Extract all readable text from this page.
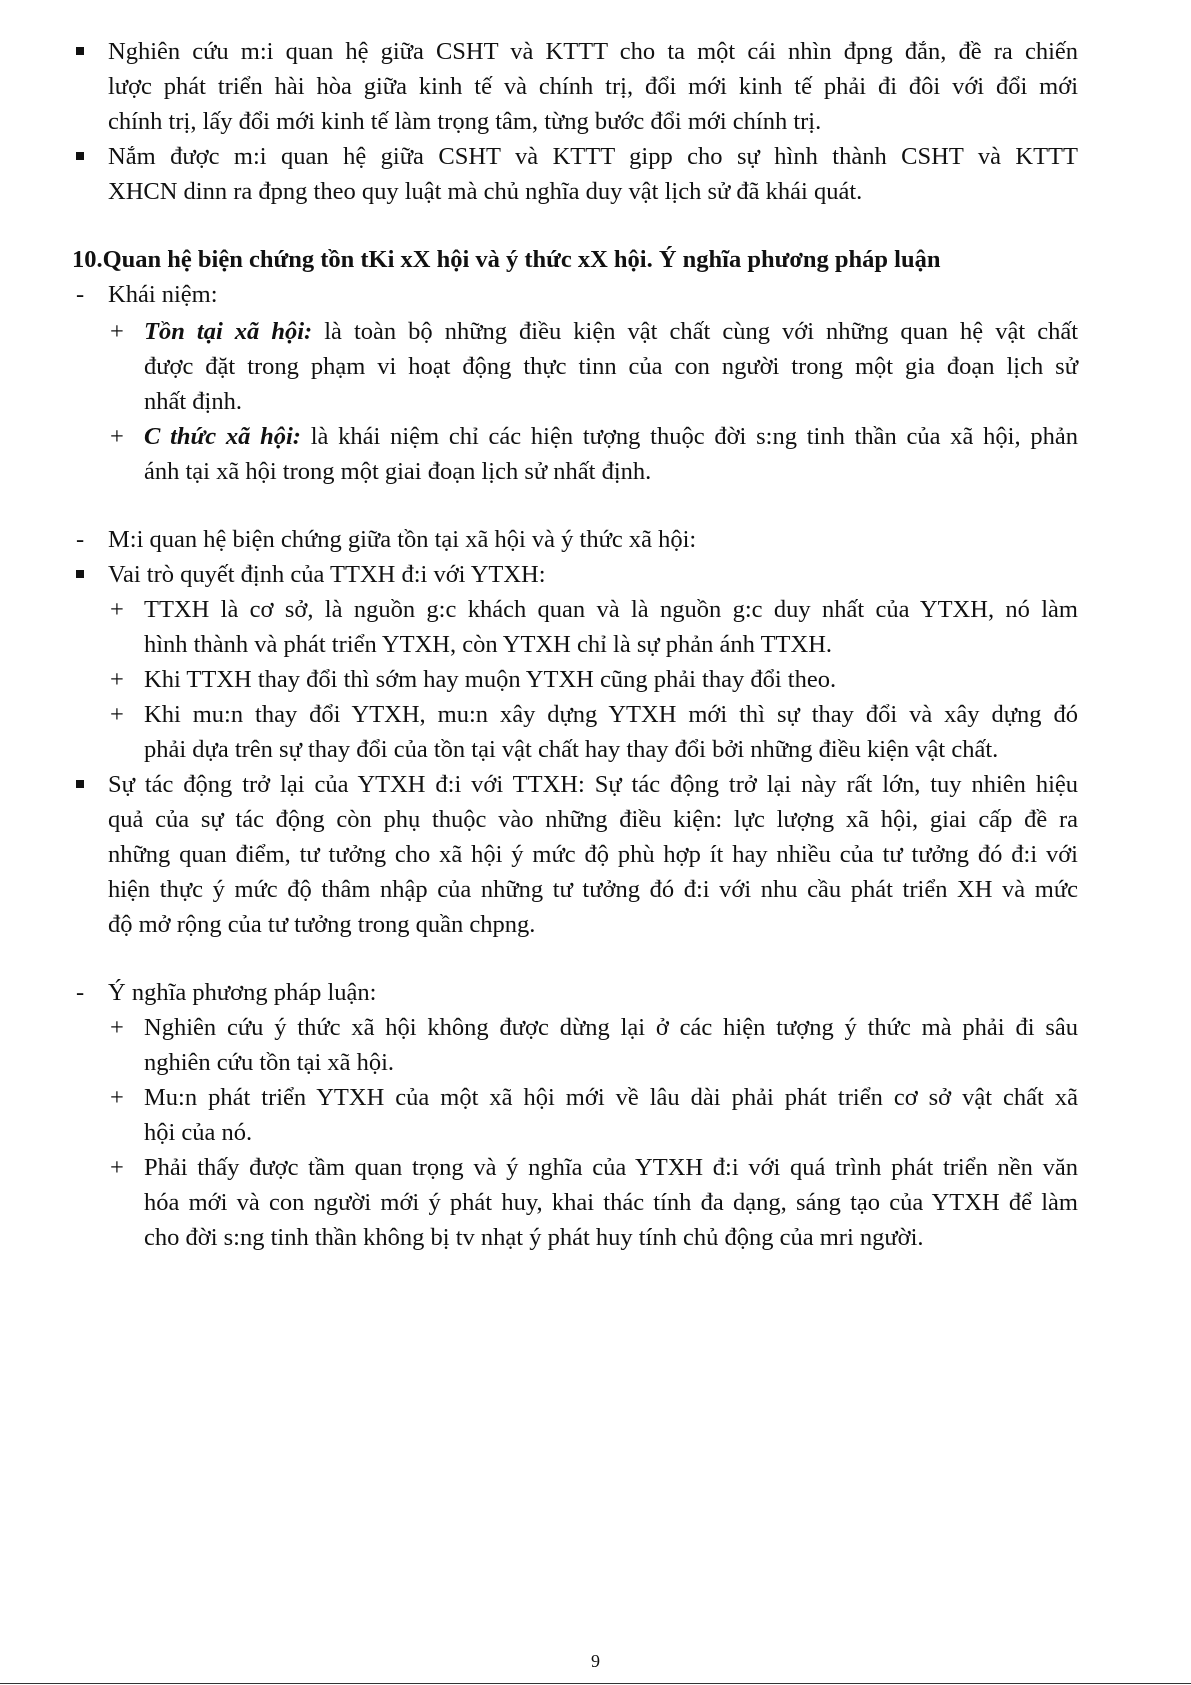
Nghiên cứu m:i quan hệ giữa CSHT và KTTT cho ta một cái nhìn đpng đắn, đề ra chiến
lược phát triển hài hòa giữa kinh tế và chính trị, đổi mới kinh tế phải đi đôi với đổi mới
chính trị, lấy đổi mới kinh tế làm trọng tâm, từng bước đổi mới chính trị.
Nắm được m:i quan hệ giữa CSHT và KTTT gipp cho sự hình thành CSHT và KTTT
XHCN dinn ra đpng theo quy luật mà chủ nghĩa duy vật lịch sử đã khái quát.
10.Quan hệ biện chứng tồn tKi xX hội và ý thức xX hội. Ý nghĩa phương pháp luận
- Khái niệm:
+ Tồn tại xã hội: là toàn bộ những điều kiện vật chất cùng với những quan hệ vật chất
được đặt trong phạm vi hoạt động thực tinn của con người trong một gia đoạn lịch sử
nhất định.
+ C thức xã hội: là khái niệm chỉ các hiện tượng thuộc đời s:ng tinh thần của xã hội, phản
ánh tại xã hội trong một giai đoạn lịch sử nhất định.
- M:i quan hệ biện chứng giữa tồn tại xã hội và ý thức xã hội:
Vai trò quyết định của TTXH đ:i với YTXH:
+ TTXH là cơ sở, là nguồn g:c khách quan và là nguồn g:c duy nhất của YTXH, nó làm
hình thành và phát triển YTXH, còn YTXH chỉ là sự phản ánh TTXH.
+ Khi TTXH thay đổi thì sớm hay muộn YTXH cũng phải thay đổi theo.
+ Khi mu:n thay đổi YTXH, mu:n xây dựng YTXH mới thì sự thay đổi và xây dựng đó
phải dựa trên sự thay đổi của tồn tại vật chất hay thay đổi bởi những điều kiện vật chất.
Sự tác động trở lại của YTXH đ:i với TTXH: Sự tác động trở lại này rất lớn, tuy nhiên hiệu
quả của sự tác động còn phụ thuộc vào những điều kiện: lực lượng xã hội, giai cấp đề ra
những quan điểm, tư tưởng cho xã hội ý mức độ phù hợp ít hay nhiều của tư tưởng đó đ:i với
hiện thực ý mức độ thâm nhập của những tư tưởng đó đ:i với nhu cầu phát triển XH và mức
độ mở rộng của tư tưởng trong quần chpng.
- Ý nghĩa phương pháp luận:
+ Nghiên cứu ý thức xã hội không được dừng lại ở các hiện tượng ý thức mà phải đi sâu
nghiên cứu tồn tại xã hội.
+ Mu:n phát triển YTXH của một xã hội mới về lâu dài phải phát triển cơ sở vật chất xã
hội của nó.
+ Phải thấy được tầm quan trọng và ý nghĩa của YTXH đ:i với quá trình phát triển nền văn
hóa mới và con người mới ý phát huy, khai thác tính đa dạng, sáng tạo của YTXH để làm
cho đời s:ng tinh thần không bị tv nhạt ý phát huy tính chủ động của mri người.
9
